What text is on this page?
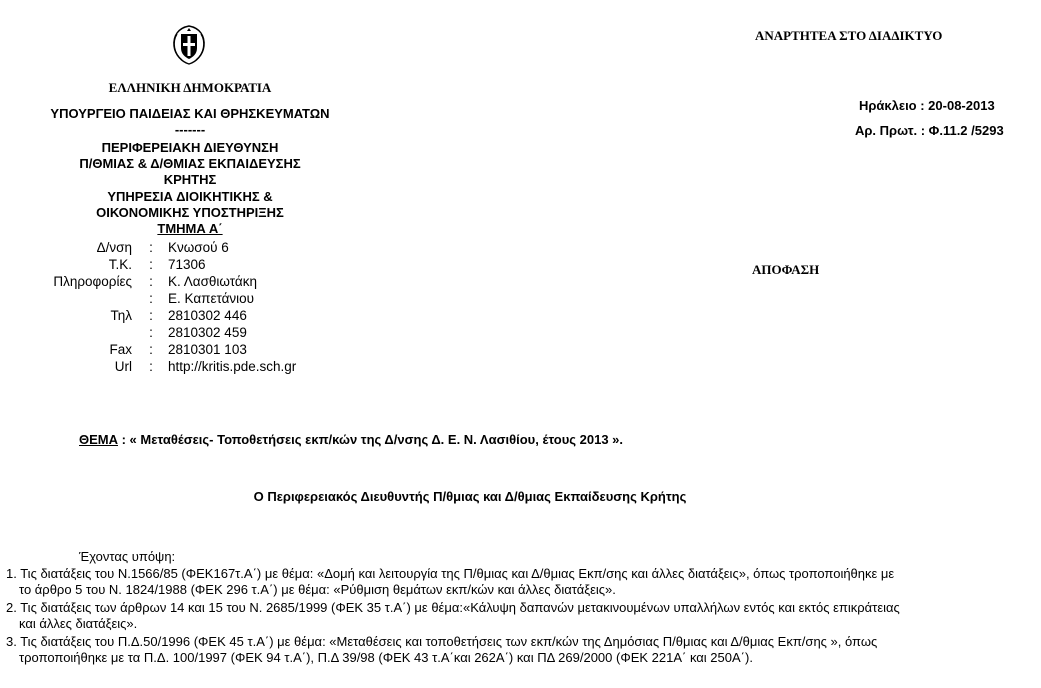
ΑΝΑΡΤΗΤΕΑ ΣΤΟ ΔΙΑΔΙΚΤΥΟ
Ηράκλειο : 20-08-2013
Αρ. Πρωτ. : Φ.11.2 /5293
ΑΠΟΦΑΣΗ
ΕΛΛΗΝΙΚΗ ΔΗΜΟΚΡΑΤΙΑ
ΥΠΟΥΡΓΕΙΟ ΠΑΙΔΕΙΑΣ ΚΑΙ ΘΡΗΣΚΕΥΜΑΤΩΝ
-------
ΠΕΡΙΦΕΡΕΙΑΚΗ ΔΙΕΥΘΥΝΣΗ
Π/ΘΜΙΑΣ & Δ/ΘΜΙΑΣ ΕΚΠΑΙΔΕΥΣΗΣ
ΚΡΗΤΗΣ
ΥΠΗΡΕΣΙΑ ΔΙΟΙΚΗΤΙΚΗΣ &
ΟΙΚΟΝΟΜΙΚΗΣ ΥΠΟΣΤΗΡΙΞΗΣ
ΤΜΗΜΑ Α΄
Δ/νση : Κνωσού 6
Τ.Κ. : 71306
Πληροφορίες : Κ. Λασθιωτάκη
: Ε. Καπετάνιου
Τηλ : 2810302 446
: 2810302 459
Fax : 2810301 103
Url : http://kritis.pde.sch.gr
ΘΕΜΑ : « Μεταθέσεις- Τοποθετήσεις εκπ/κών της Δ/νσης Δ. Ε. Ν. Λασιθίου, έτους 2013 ».
Ο Περιφερειακός Διευθυντής Π/θμιας και Δ/θμιας Εκπαίδευσης Κρήτης
Έχοντας υπόψη:
1. Τις διατάξεις του Ν.1566/85 (ΦΕΚ167τ.Α΄) με θέμα: «Δομή και λειτουργία της Π/θμιας και Δ/θμιας Εκπ/σης και άλλες διατάξεις», όπως τροποποιήθηκε με
το άρθρο 5 του Ν. 1824/1988 (ΦΕΚ 296 τ.Α΄) με θέμα: «Ρύθμιση θεμάτων εκπ/κών και άλλες διατάξεις».
2. Τις διατάξεις των άρθρων 14 και 15 του Ν. 2685/1999 (ΦΕΚ 35 τ.Α΄) με θέμα:«Κάλυψη δαπανών μετακινουμένων υπαλλήλων εντός και εκτός επικράτειας
και άλλες διατάξεις».
3. Τις διατάξεις του Π.Δ.50/1996 (ΦΕΚ 45 τ.Α΄) με θέμα: «Μεταθέσεις και τοποθετήσεις των εκπ/κών της Δημόσιας Π/θμιας και Δ/θμιας Εκπ/σης », όπως
τροποποιήθηκε με τα Π.Δ. 100/1997 (ΦΕΚ 94 τ.Α΄), Π.Δ 39/98 (ΦΕΚ 43 τ.Α΄και 262Α΄) και ΠΔ 269/2000 (ΦΕΚ 221Α΄ και 250Α΄).
